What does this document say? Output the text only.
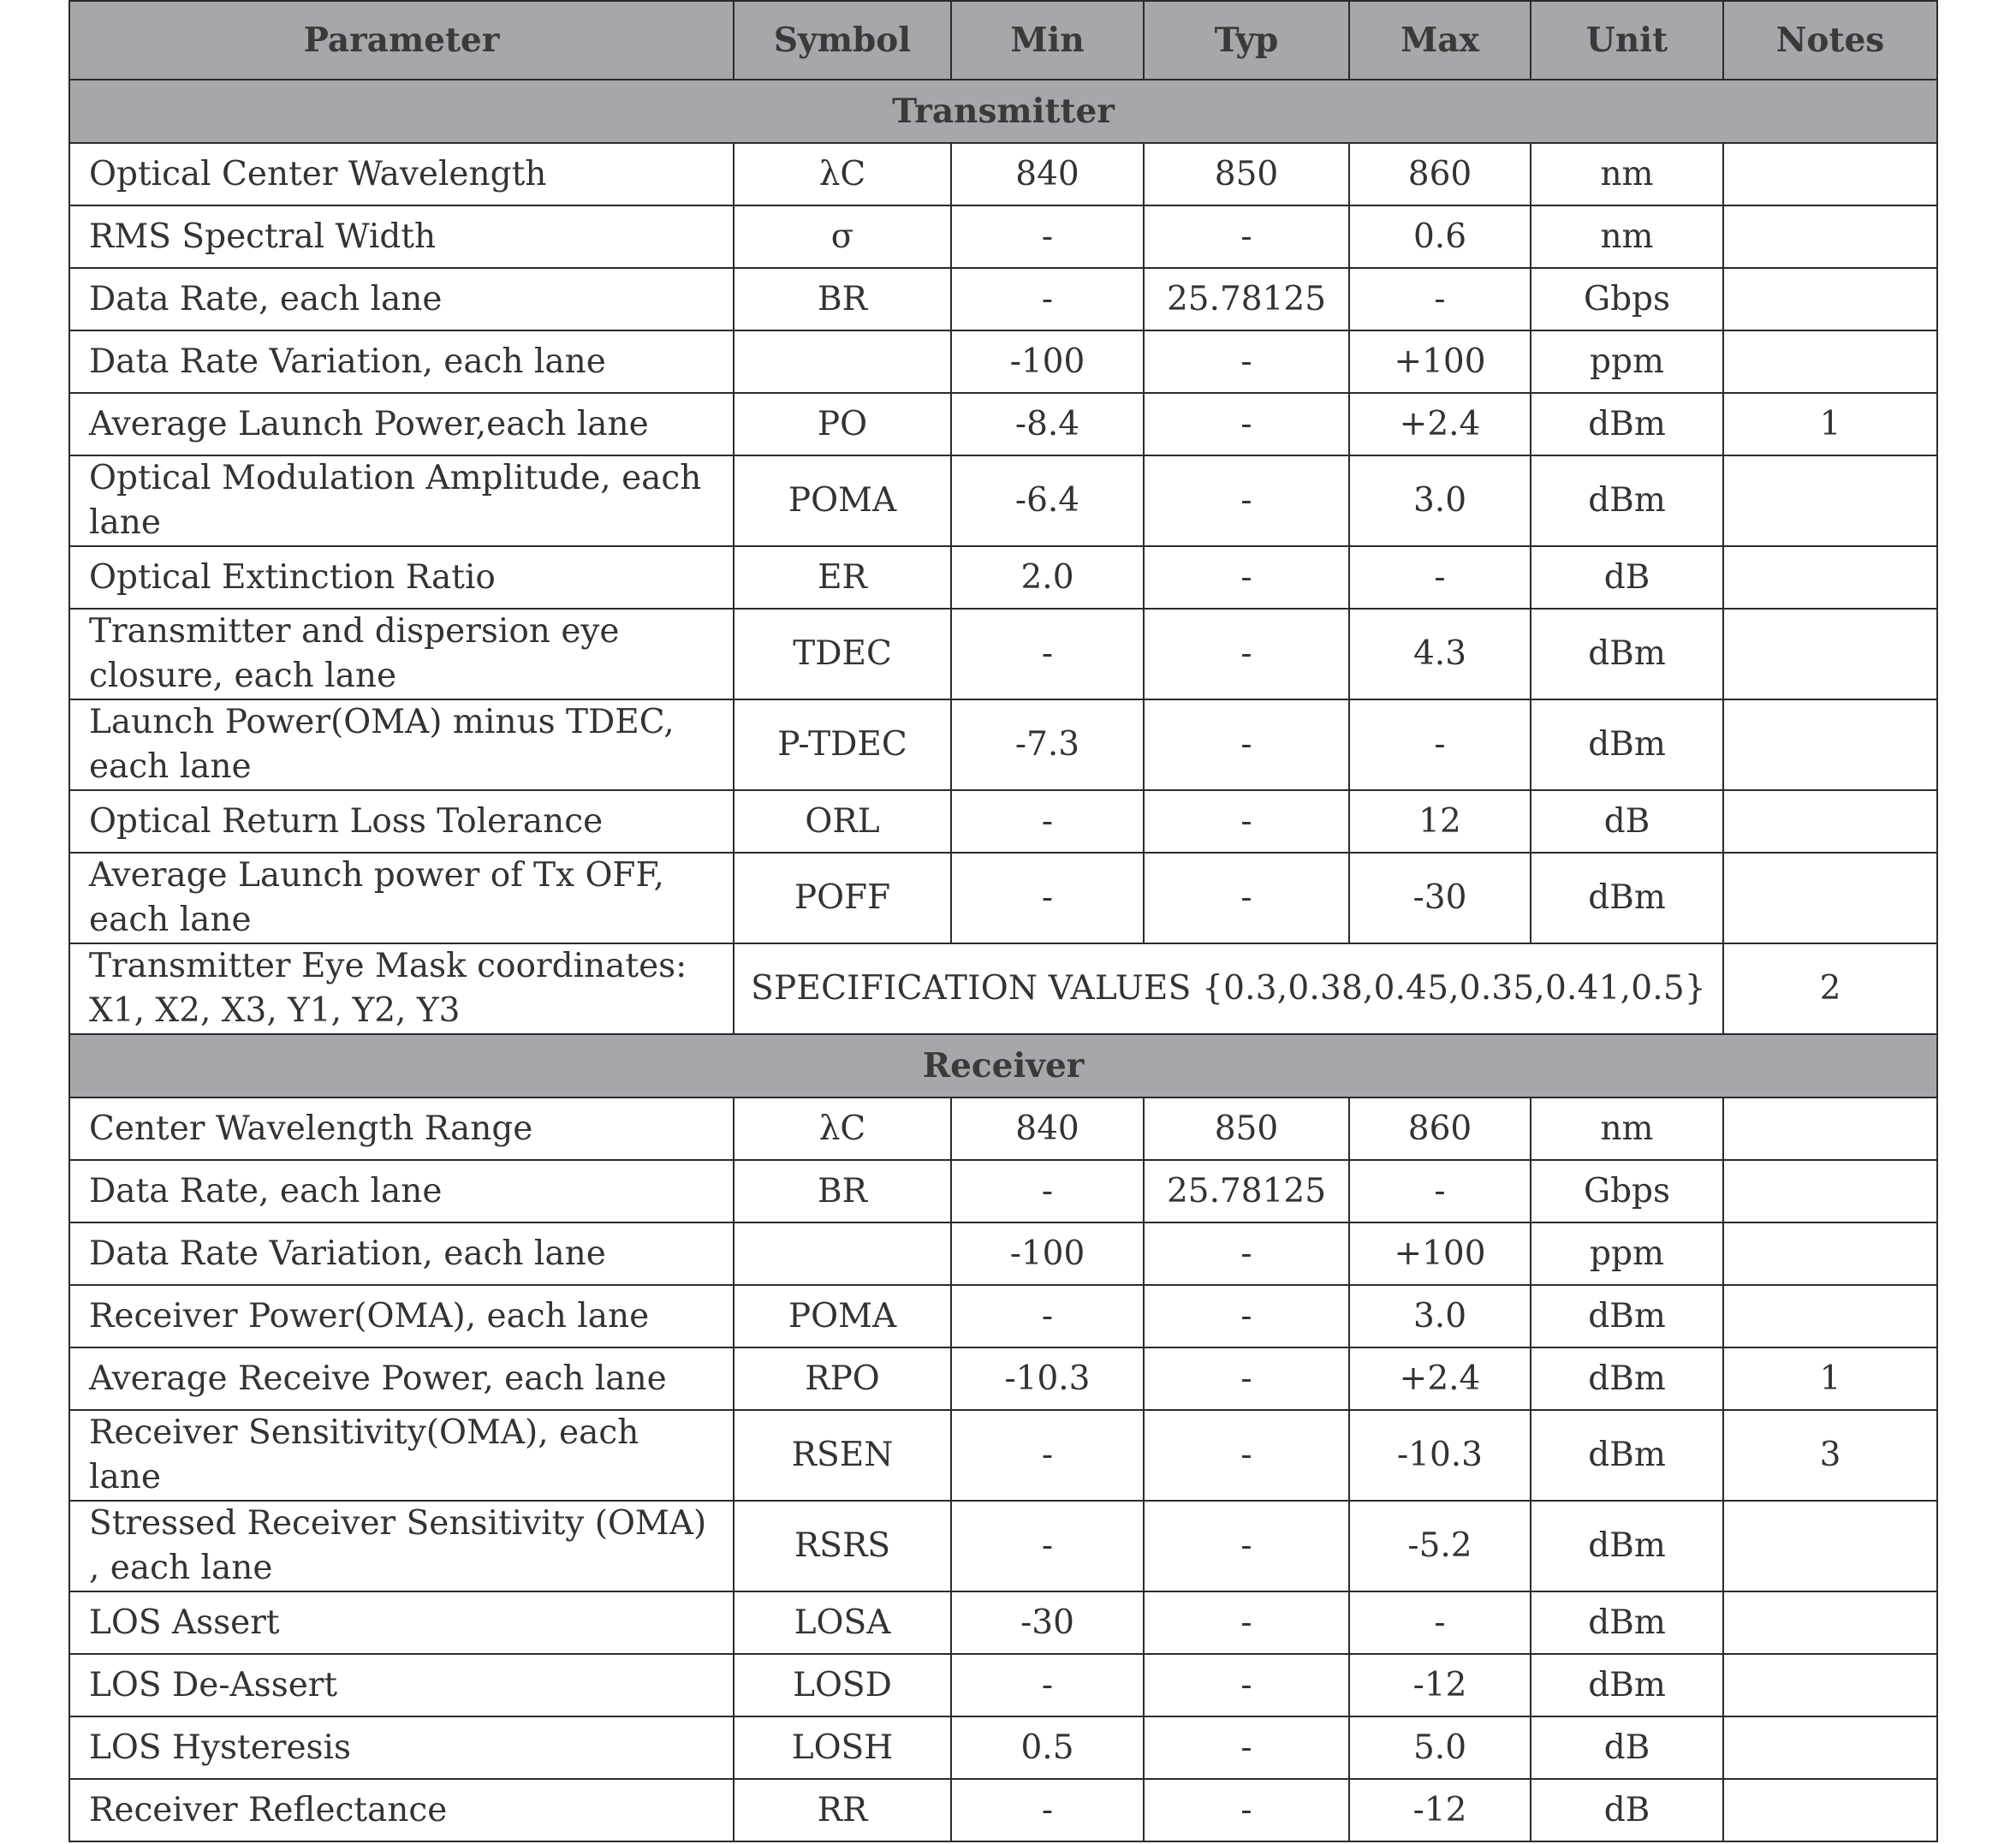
Parameter	Symbol	Min	Typ	Max	Unit	Notes
Transmitter						
Optical Center Wavelength	λC	840	850	860	nm	
RMS Spectral Width	σ	-	-	0.6	nm	
Data Rate, each lane	BR	-	25.78125	-	Gbps	
Data Rate Variation, each lane		-100	-	+100	ppm	
Average Launch Power,each lane	PO	-8.4	-	+2.4	dBm	1
Optical Modulation Amplitude, each lane	POMA	-6.4	-	3.0	dBm	
Optical Extinction Ratio	ER	2.0	-	-	dB	
Transmitter and dispersion eye closure, each lane	TDEC	-	-	4.3	dBm	
Launch Power(OMA) minus TDEC, each lane	P-TDEC	-7.3	-	-	dBm	
Optical Return Loss Tolerance	ORL	-	-	12	dB	
Average Launch power of Tx OFF, each lane	POFF	-	-	-30	dBm	
Transmitter Eye Mask coordinates: X1, X2, X3, Y1, Y2, Y3	SPECIFICATION VALUES {0.3,0.38,0.45,0.35,0.41,0.5}					2
Receiver						
Center Wavelength Range	λC	840	850	860	nm	
Data Rate, each lane	BR	-	25.78125	-	Gbps	
Data Rate Variation, each lane		-100	-	+100	ppm	
Receiver Power(OMA), each lane	POMA	-	-	3.0	dBm	
Average Receive Power, each lane	RPO	-10.3	-	+2.4	dBm	1
Receiver Sensitivity(OMA), each lane	RSEN	-	-	-10.3	dBm	3
Stressed Receiver Sensitivity (OMA) , each lane	RSRS	-	-	-5.2	dBm	
LOS Assert	LOSA	-30	-	-	dBm	
LOS De-Assert	LOSD	-	-	-12	dBm	
LOS Hysteresis	LOSH	0.5	-	5.0	dB	
Receiver Reflectance	RR	-	-	-12	dB	
